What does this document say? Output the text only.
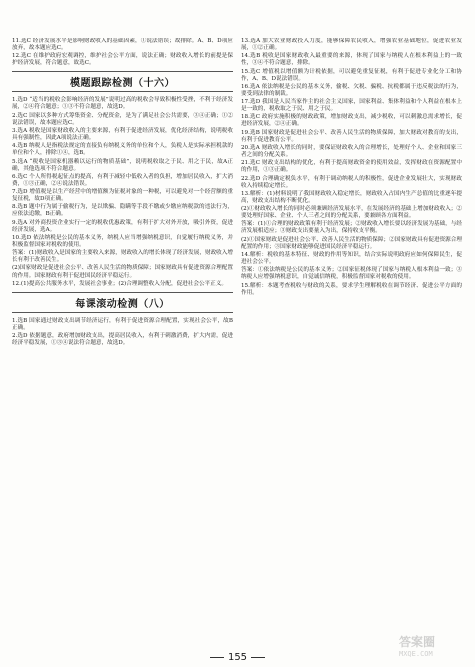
11.选C 经济发展水平是影响财政收入的基础因素，①说法错误；故排除。A、B、D项应放弃，故本题应选C。

12.选C 在维护政府宏观调控，维护社会公平方面，说法正确；财政收入增长的前提是保护经济发展，符合题意，故选C。

模题跟踪检测（十六）

1.选D “适当的税收会影响经济的发展”说明过高的税收会导致积极性受挫，不利于经济发展，②④符合题意；①③不符合题意，故选D。

2.选C 国家以多种方式筹集资金、分配资金，是为了满足社会公共需要，③④正确；①②说法错误，故本题应选C。

3.选A 税收是国家财政收入的主要来源，有利于促进经济发展，优化经济结构，说明税收具有强制性，因此A项说法正确。

4.选B 纳税人是指税法规定的直接负有纳税义务的单位和个人，负税人是实际承担税款的单位和个人，排除①④，选B。

5.选A “税收是国家机器赖以运行的物质基础”，说明税收取之于民、用之于民，故A正确，其他选项不符合题意。

6.选C 个人所得税起征点的提高，有利于减轻中低收入者的负担，增加居民收入，扩大消费，①③正确，②④说法错误。

7.选D 增值税是以生产经营中的增值额为征税对象的一种税，可以避免对一个经营额的重复征税，故D项正确。

8.选B 题中行为属于偷税行为，是以欺骗、隐瞒等手段不缴或少缴应纳税款的违法行为，应依法追缴，B正确。

9.选A 对外商投资企业实行一定的税收优惠政策，有利于扩大对外开放，吸引外资，促进经济发展，选A。

10.选D 依法纳税是公民的基本义务，纳税人应当增强纳税意识，自觉履行纳税义务，并积极监督国家对税收的使用。

答案：(1)财政收入是国家的主要收入来源，财政收入的增长体现了经济发展，财政收入增长有利于改善民生。

(2)国家财政是促进社会公平、改善人民生活的物质保障；国家财政具有促进资源合理配置的作用。国家财政有利于促进国民经济平稳运行。

12.(1)提高公共服务水平，发展社会事业；(2)合理调整收入分配，促进社会公平正义。

每课滚动检测（八）

1.选B 国家通过财政支出调节经济运行，有利于促进资源合理配置，实现社会公平，故B正确。

2.选D 依据题意，政府增加财政支出，提高居民收入，有利于刺激消费，扩大内需，促进经济平稳发展，①③④说法符合题意，故选D。

13.选A 加大农业财政投入力度，能够保障农民收入，增强农业基础地位，促进农业发展，①②正确。

14.选B 税收是国家财政收入最重要的来源，体现了国家与纳税人在根本利益上的一致性，③④不符合题意，排除。

15.选C 增值税以增值额为计税依据，可以避免重复征税，有利于促进专业化分工和协作，A、B、D说法错误。

16.选A 依法纳税是公民的基本义务，偷税、欠税、骗税、抗税都属于违反税法的行为，要受到法律的制裁。

17.选D 我国是人民当家作主的社会主义国家，国家利益、集体利益和个人利益在根本上是一致的，税收取之于民、用之于民。

18.选C 政府实施积极的财政政策，增加财政支出，减少税收，可以刺激总需求增长，促进经济发展，②④正确。

19.选B 国家财政是促进社会公平、改善人民生活的物质保障，加大财政对教育的支出，有利于促进教育公平。

20.选A 财政收入增长的同时，要保证财政收入的合理增长，处理好个人、企业和国家三者之间的分配关系。

21.选C 财政支出结构的优化，有利于提高财政资金的使用效益，发挥财政在资源配置中的作用，①③正确。

22.选D 合理确定税负水平，有利于调动纳税人的积极性，促进企业发展壮大，实现财政收入持续稳定增长。

13.解析：(1)材料说明了我国财政收入稳定增长，财政收入占国内生产总值的比重逐年提高，财政支出结构不断优化。

(2)①财政收入增长的同时必须兼顾经济发展水平，在发展经济的基础上增加财政收入；②要处理好国家、企业、个人三者之间的分配关系，要兼顾各方面利益。

答案：(1)①合理的财政政策有利于经济发展；②财政收入增长要以经济发展为基础，与经济发展相适应；③财政支出要量入为出，保持收支平衡。

(2)①国家财政是促进社会公平、改善人民生活的物质保障；②国家财政具有促进资源合理配置的作用；③国家财政能够促进国民经济平稳运行。

14.解析：税收的基本特征、财政的作用等知识，结合实际说明政府应如何保障民生，促进社会公平。

答案：①依法纳税是公民的基本义务；②国家征税体现了国家与纳税人根本利益一致；③纳税人应增强纳税意识，自觉诚信纳税，积极监督国家对税收的使用。

15.解析：本题考查税收与财政的关系，要求学生理解税收在调节经济、促进公平方面的作用。

155
答案圈
MXQE.COM
